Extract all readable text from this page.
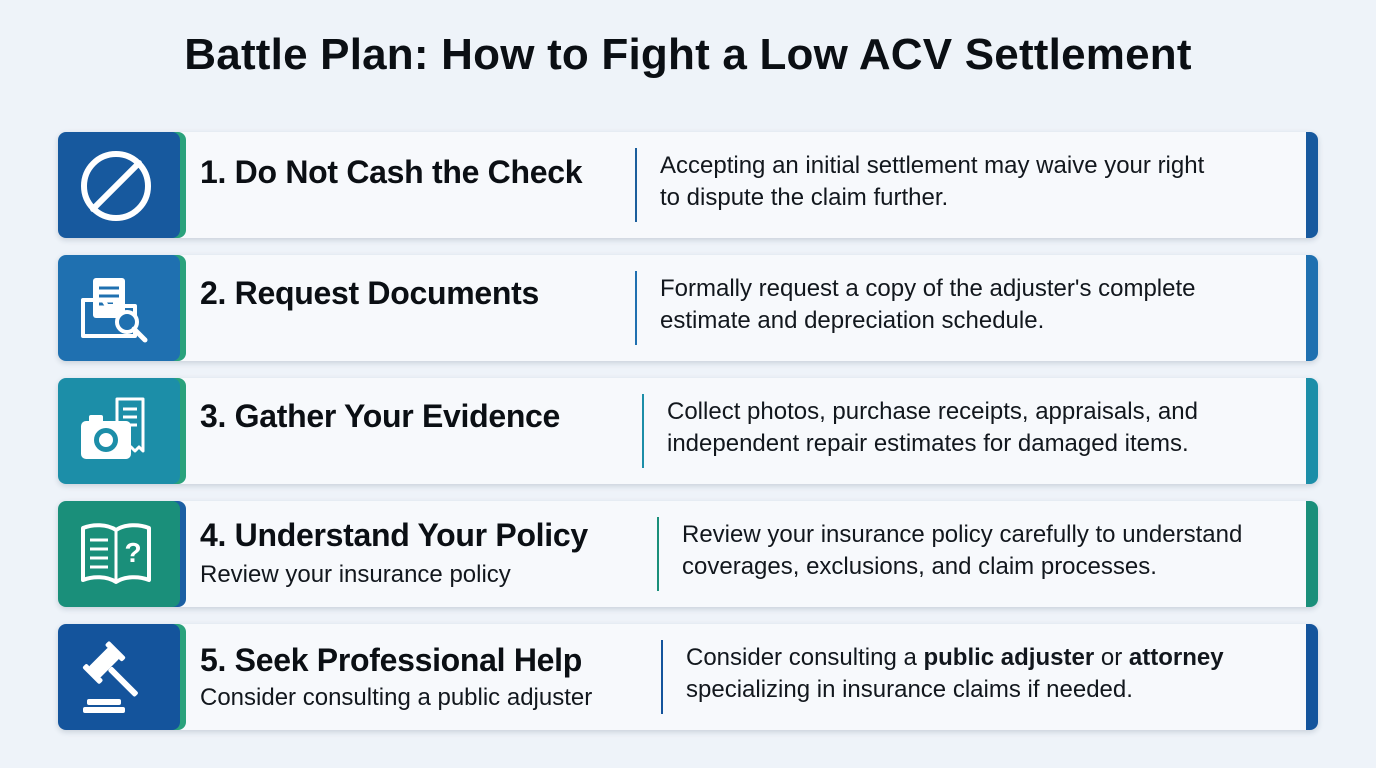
Battle Plan: How to Fight a Low ACV Settlement
1. Do Not Cash the Check	Accepting an initial settlement may waive your right
to dispute the claim further.
2. Request Documents	Formally request a copy of the adjuster's complete
estimate and depreciation schedule.
3. Gather Your Evidence	Collect photos, purchase receipts, appraisals, and
independent repair estimates for damaged items.
? 4. Understand Your Policy
Review your insurance policy
Review your insurance policy carefully to understand
coverages, exclusions, and claim processes.
5. Seek Professional Help
Consider consulting a public adjuster
Consider consulting a public adjuster or attorney
specializing in insurance claims if needed.
